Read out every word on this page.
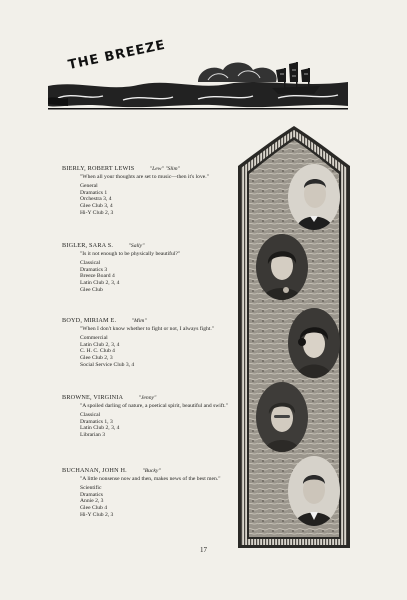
THE BREEZE
BIERLY, ROBERT LEWIS	"Lew" "Slim"
"When all your thoughts are set to music—then it's love."
General
Dramatics 1
Orchestra 3, 4
Glee Club 3, 4
Hi-Y Club 2, 3
BIGLER, SARA S.	"Sally"
"Is it not enough to be physically beautiful?"
Classical
Dramatics 3
Breeze Board 4
Latin Club 2, 3, 4
Glee Club
BOYD, MIRIAM E.	"Mim"
"When I don't know whether to fight or not, I always fight."
Commercial
Latin Club 2, 3, 4
C. H. C. Club 4
Glee Club 2, 3
Social Service Club 3, 4
BROWNE, VIRGINIA	"Jenny"
"A spoiled darling of nature, a poetical spirit, beautiful and swift."
Classical
Dramatics 1, 3
Latin Club 2, 3, 4
Librarian 3
BUCHANAN, JOHN H.	"Bucky"
"A little nonsense now and then, makes news of the best men."
Scientific
Dramatics
Annie 2, 3
Glee Club 4
Hi-Y Club 2, 3
17
